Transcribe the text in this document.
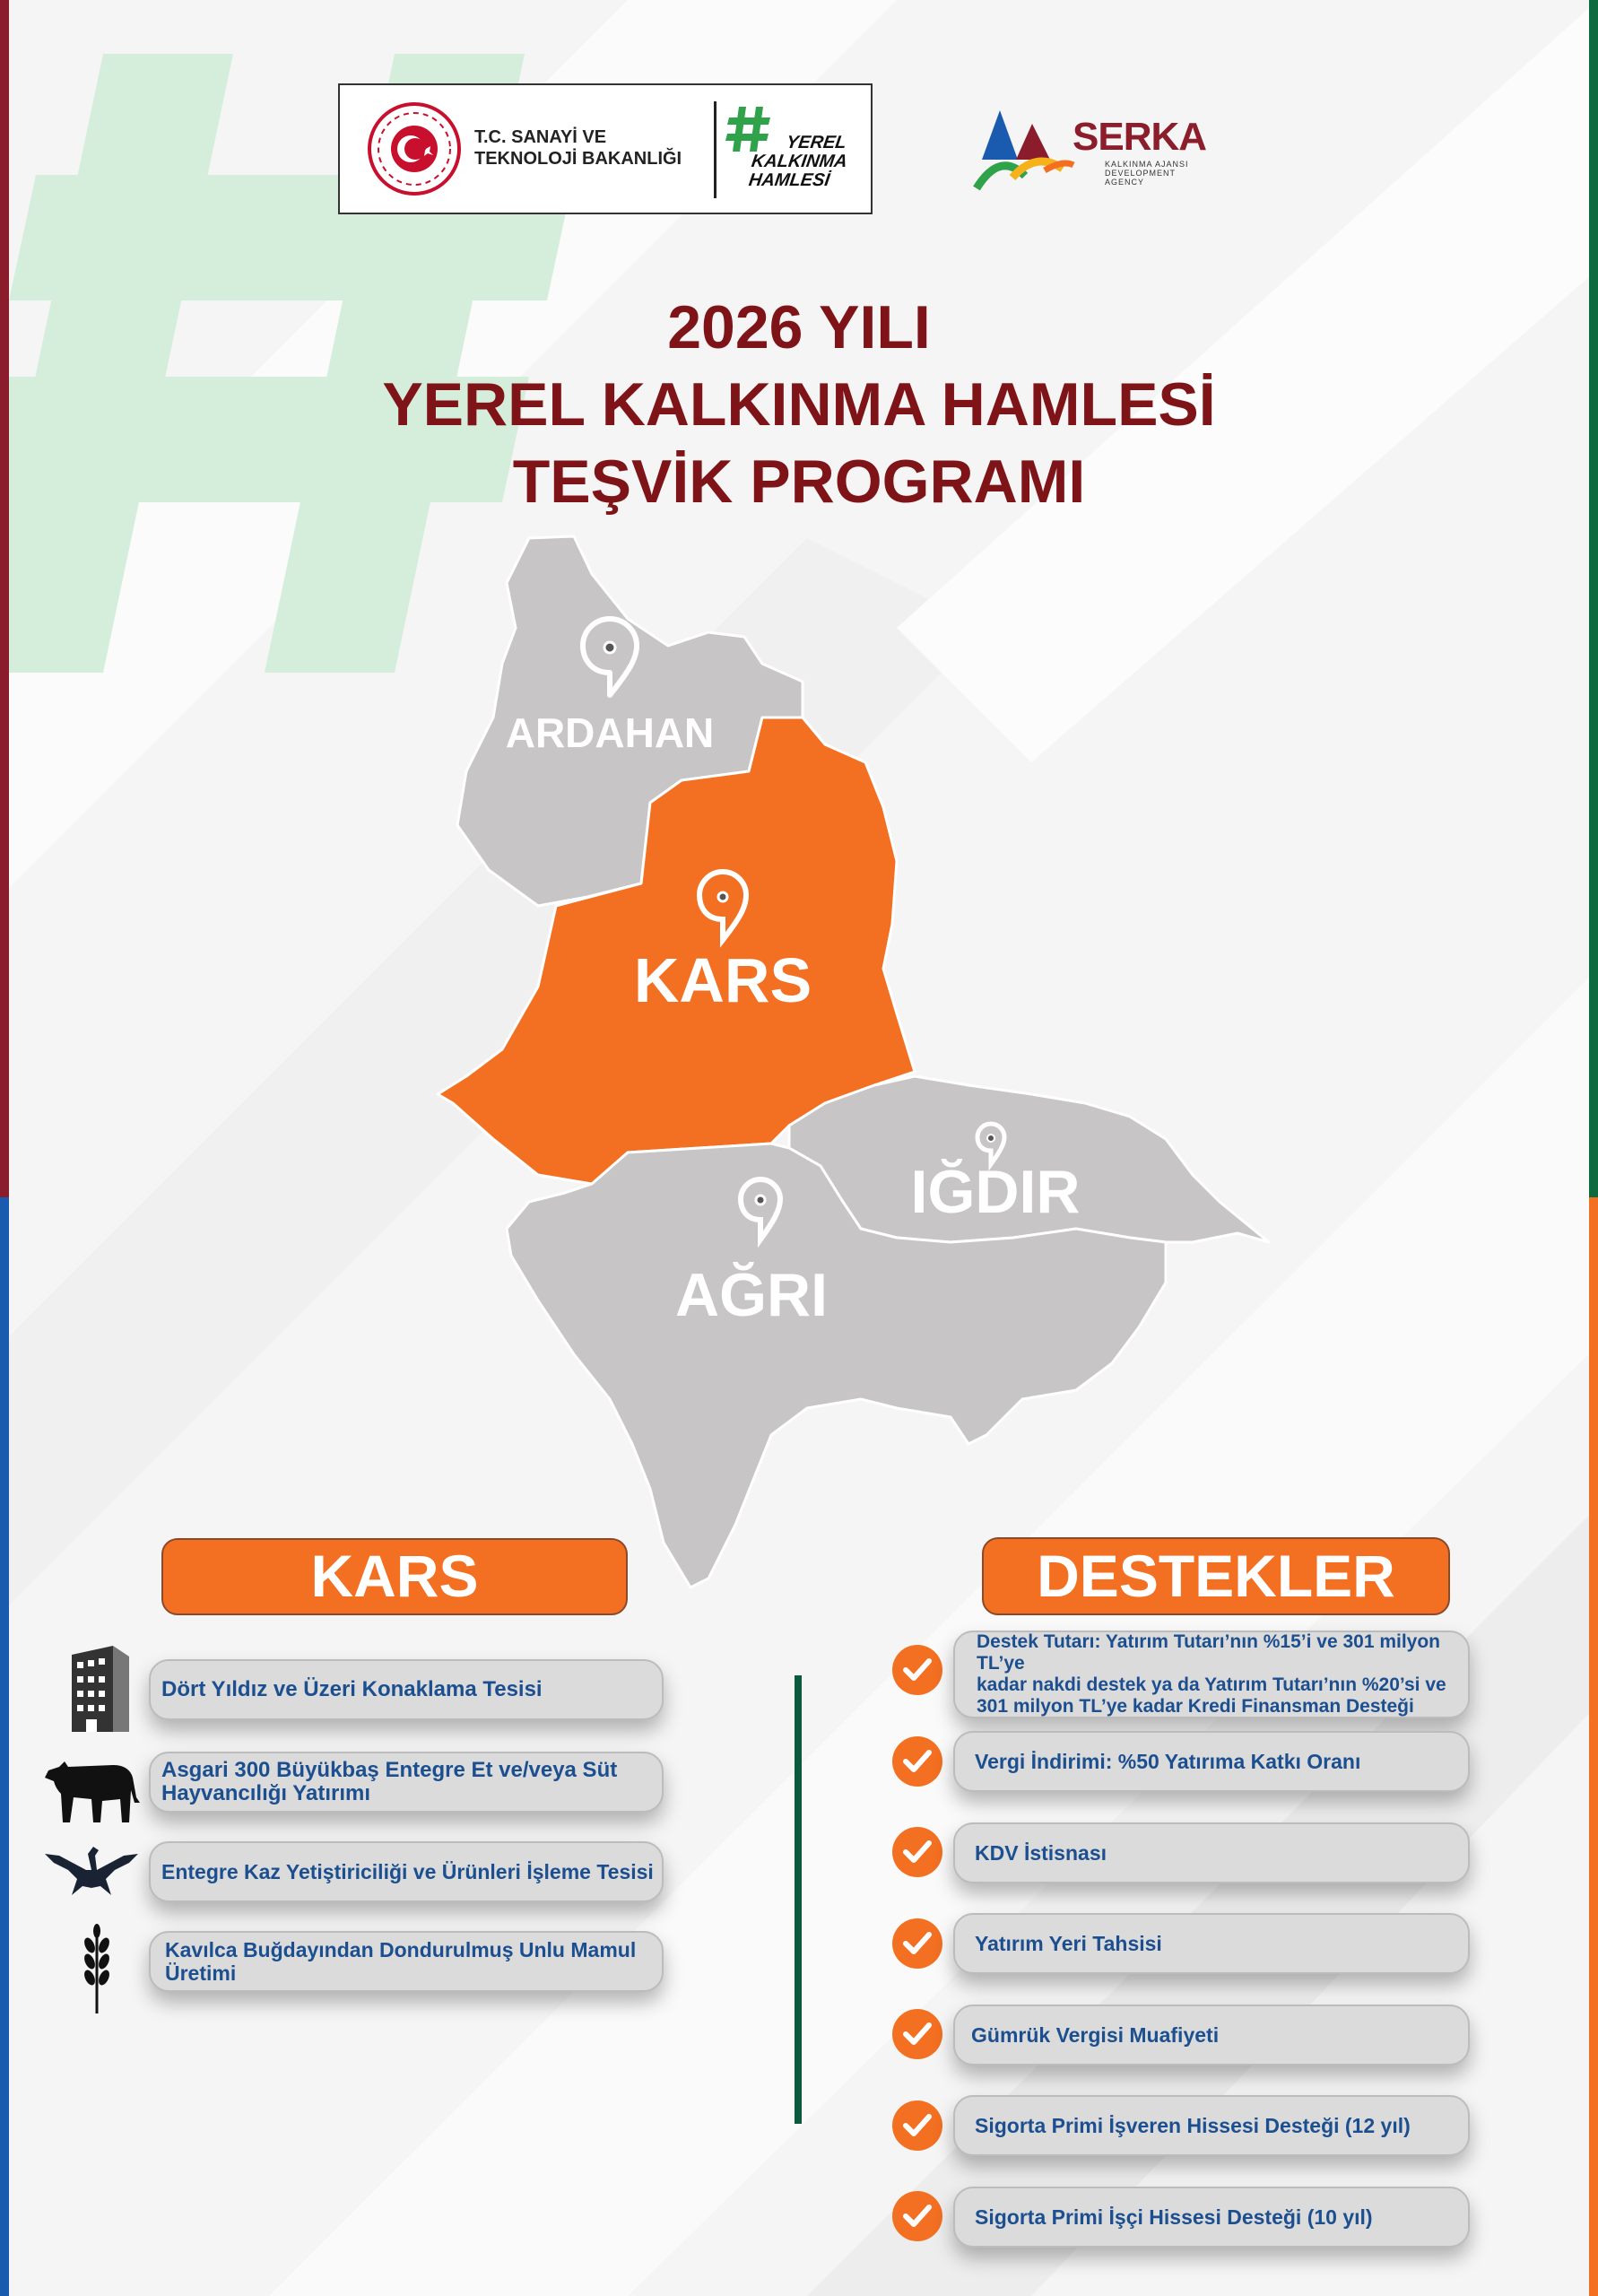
T.C. SANAYİ VE
TEKNOLOJİ BAKANLIĞI
YEREL
KALKINMA
HAMLESİ
SERKA
KALKINMA AJANSI
DEVELOPMENT AGENCY
2026 YILI
YEREL KALKINMA HAMLESİ
TEŞVİK PROGRAMI
ARDAHAN
KARS
IĞDIR
AĞRI
KARS	DESTEKLER
Dört Yıldız ve Üzeri Konaklama Tesisi
Asgari 300 Büyükbaş Entegre Et ve/veya Süt
Hayvancılığı Yatırımı
Entegre Kaz Yetiştiriciliği ve Ürünleri İşleme Tesisi
Kavılca Buğdayından Dondurulmuş Unlu Mamul
Üretimi
Destek Tutarı: Yatırım Tutarı’nın %15’i ve 301 milyon TL’ye
kadar nakdi destek ya da Yatırım Tutarı’nın %20’si ve
301 milyon TL’ye kadar Kredi Finansman Desteği
Vergi İndirimi: %50 Yatırıma Katkı Oranı
KDV İstisnası
Yatırım Yeri Tahsisi
Gümrük Vergisi Muafiyeti
Sigorta Primi İşveren Hissesi Desteği (12 yıl)
Sigorta Primi İşçi Hissesi Desteği (10 yıl)
